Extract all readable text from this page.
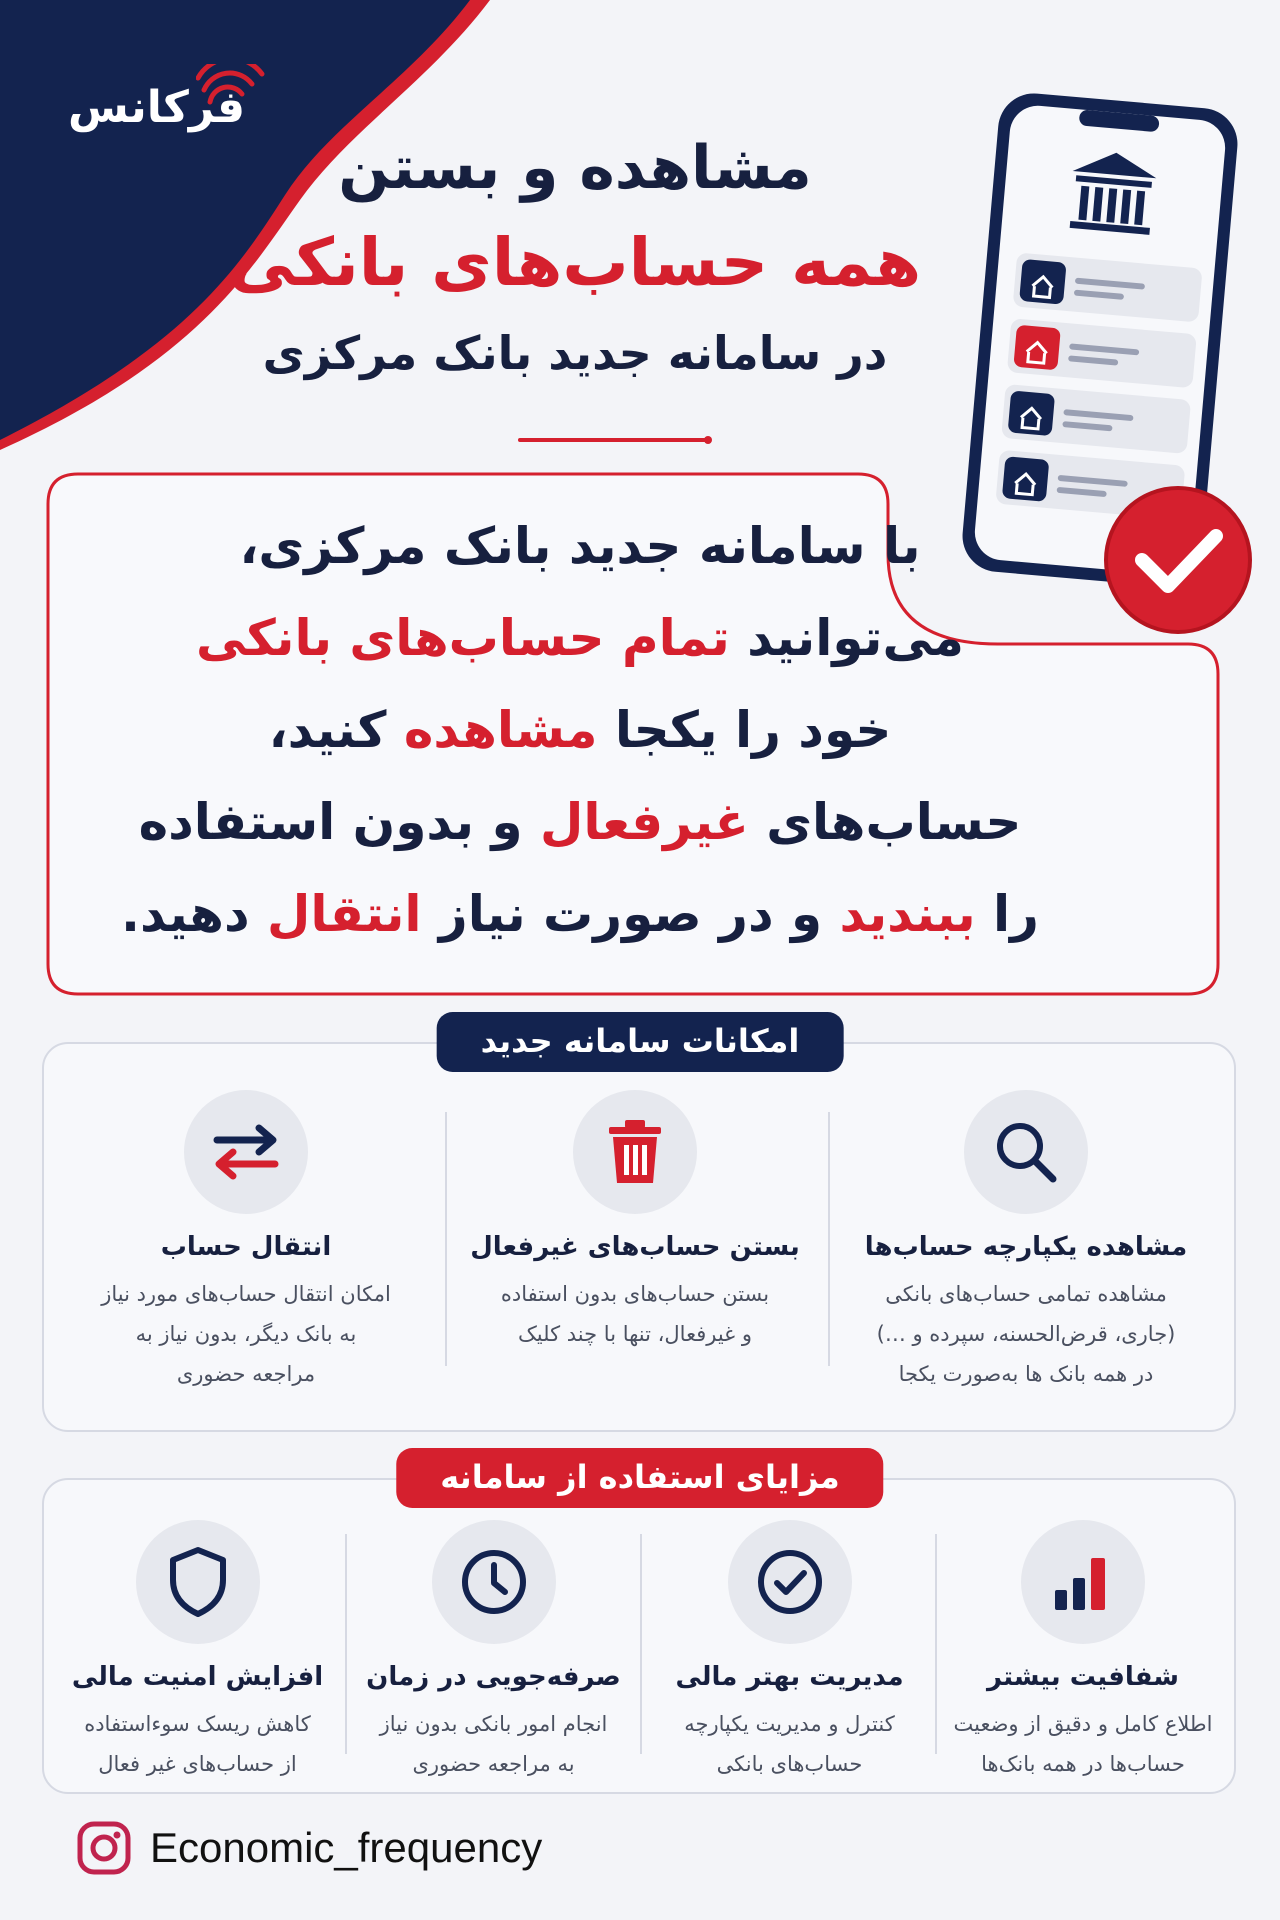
فرکانس

مشاهده و بستن

همه حساب‌های بانکی

در سامانه جدید بانک مرکزی

با سامانه جدید بانک مرکزی،

می‌توانید تمام حساب‌های بانکی

خود را یکجا مشاهده کنید،

حساب‌های غیرفعال و بدون استفاده

را ببندید و در صورت نیاز انتقال دهید.

امکانات سامانه جدید
مشاهده یکپارچه حساب‌ها

مشاهده تمامی حساب‌های بانکی

(جاری، قرض‌الحسنه، سپرده و …)

در همه بانک ها به‌صورت یکجا

بستن حساب‌های غیرفعال

بستن حساب‌های بدون استفاده

و غیرفعال، تنها با چند کلیک

انتقال حساب

امکان انتقال حساب‌های مورد نیاز

به بانک دیگر، بدون نیاز به

مراجعه حضوری

مزایای استفاده از سامانه
شفافیت بیشتر

اطلاع کامل و دقیق از وضعیت

حساب‌ها در همه بانک‌ها

مدیریت بهتر مالی

کنترل و مدیریت یکپارچه

حساب‌های بانکی

صرفه‌جویی در زمان

انجام امور بانکی بدون نیاز

به مراجعه حضوری

افزایش امنیت مالی

کاهش ریسک سوءاستفاده

از حساب‌های غیر فعال

Economic_frequency
